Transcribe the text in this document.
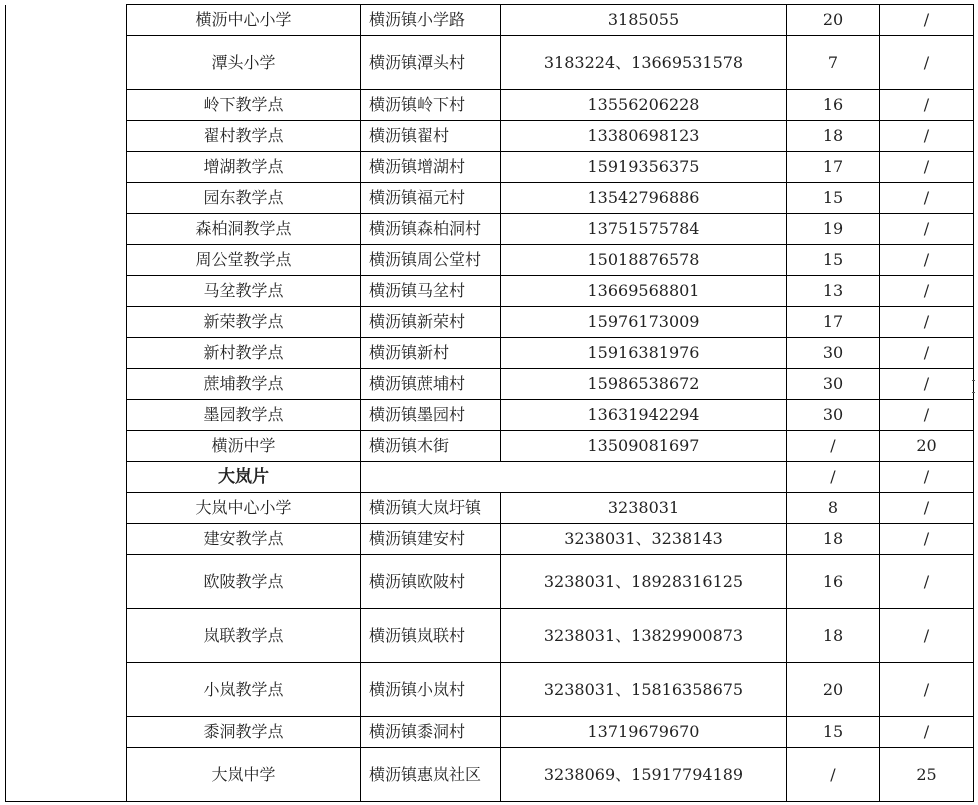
	横沥中心小学	横沥镇小学路	3185055	20	/
	潭头小学	横沥镇潭头村	3183224、13669531578	7	/
	岭下教学点	横沥镇岭下村	13556206228	16	/
	翟村教学点	横沥镇翟村	13380698123	18	/
	增湖教学点	横沥镇增湖村	15919356375	17	/
	园东教学点	横沥镇福元村	13542796886	15	/
	森柏洞教学点	横沥镇森柏洞村	13751575784	19	/
	周公堂教学点	横沥镇周公堂村	15018876578	15	/
	马坌教学点	横沥镇马坌村	13669568801	13	/
	新荣教学点	横沥镇新荣村	15976173009	17	/
	新村教学点	横沥镇新村	15916381976	30	/
	蔗埔教学点	横沥镇蔗埔村	15986538672	30	/
	墨园教学点	横沥镇墨园村	13631942294	30	/
	横沥中学	横沥镇木街	13509081697	/	20
	大岚片			/	/
	大岚中心小学	横沥镇大岚圩镇	3238031	8	/
	建安教学点	横沥镇建安村	3238031、3238143	18	/
	欧陂教学点	横沥镇欧陂村	3238031、18928316125	16	/
	岚联教学点	横沥镇岚联村	3238031、13829900873	18	/
	小岚教学点	横沥镇小岚村	3238031、15816358675	20	/
	黍洞教学点	横沥镇黍洞村	13719679670	15	/
	大岚中学	横沥镇惠岚社区	3238069、15917794189	/	25
